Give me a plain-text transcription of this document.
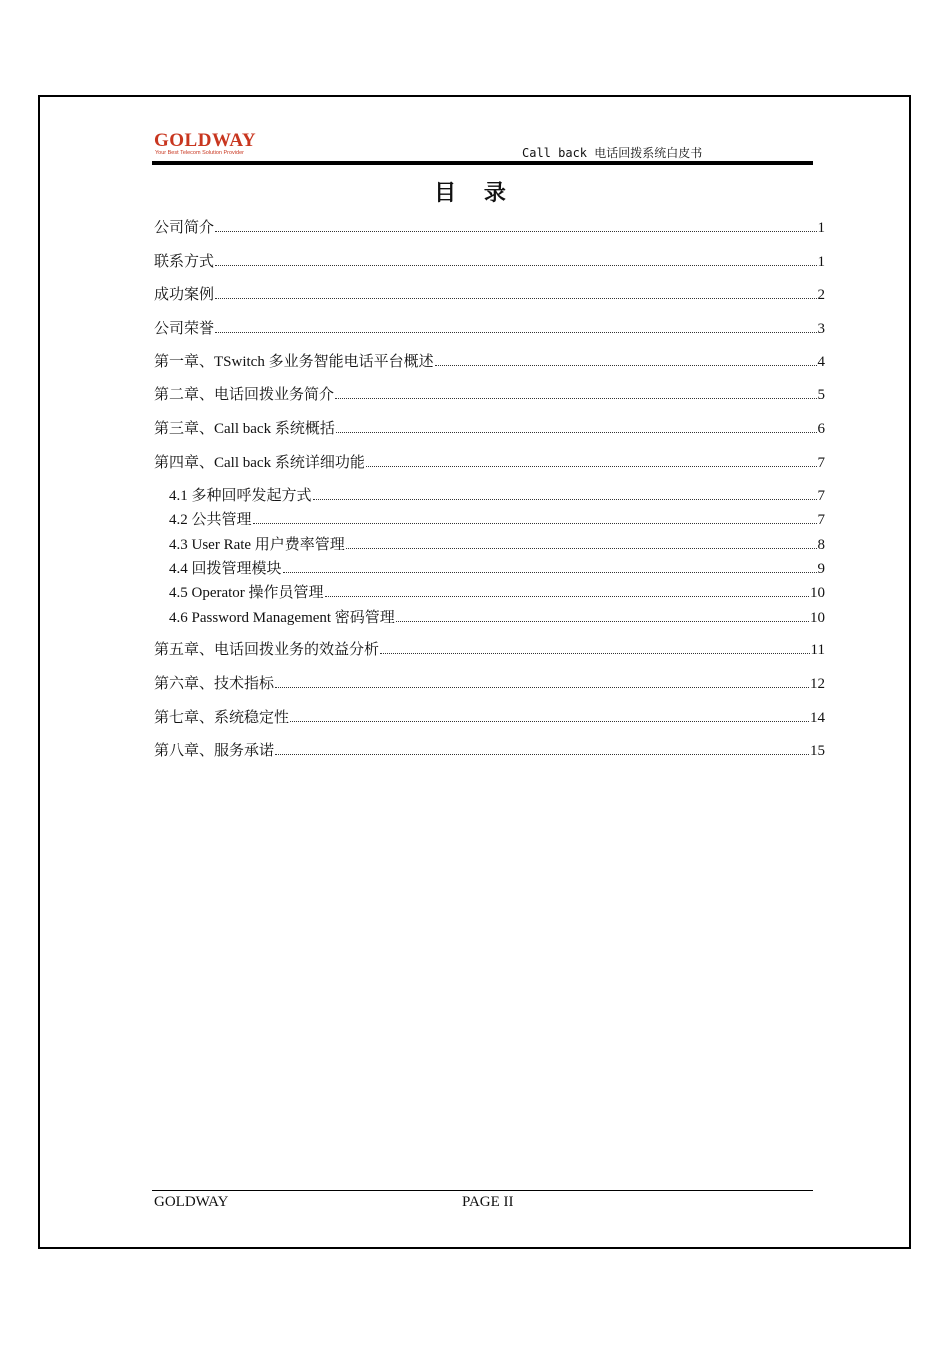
GOLDWAY
Your Best Telecom Solution Provider	Call back 电话回拨系统白皮书
目 录
公司简介	1
联系方式	1
成功案例	2
公司荣誉	3
第一章、TSwitch 多业务智能电话平台概述	4
第二章、电话回拨业务简介	5
第三章、Call back 系统概括	6
第四章、Call back 系统详细功能	7
4.1 多种回呼发起方式	7
4.2 公共管理	7
4.3 User Rate 用户费率管理	8
4.4 回拨管理模块	9
4.5 Operator 操作员管理	10
4.6 Password Management 密码管理	10
第五章、电话回拨业务的效益分析	11
第六章、技术指标	12
第七章、系统稳定性	14
第八章、服务承诺	15
GOLDWAY	PAGE II
